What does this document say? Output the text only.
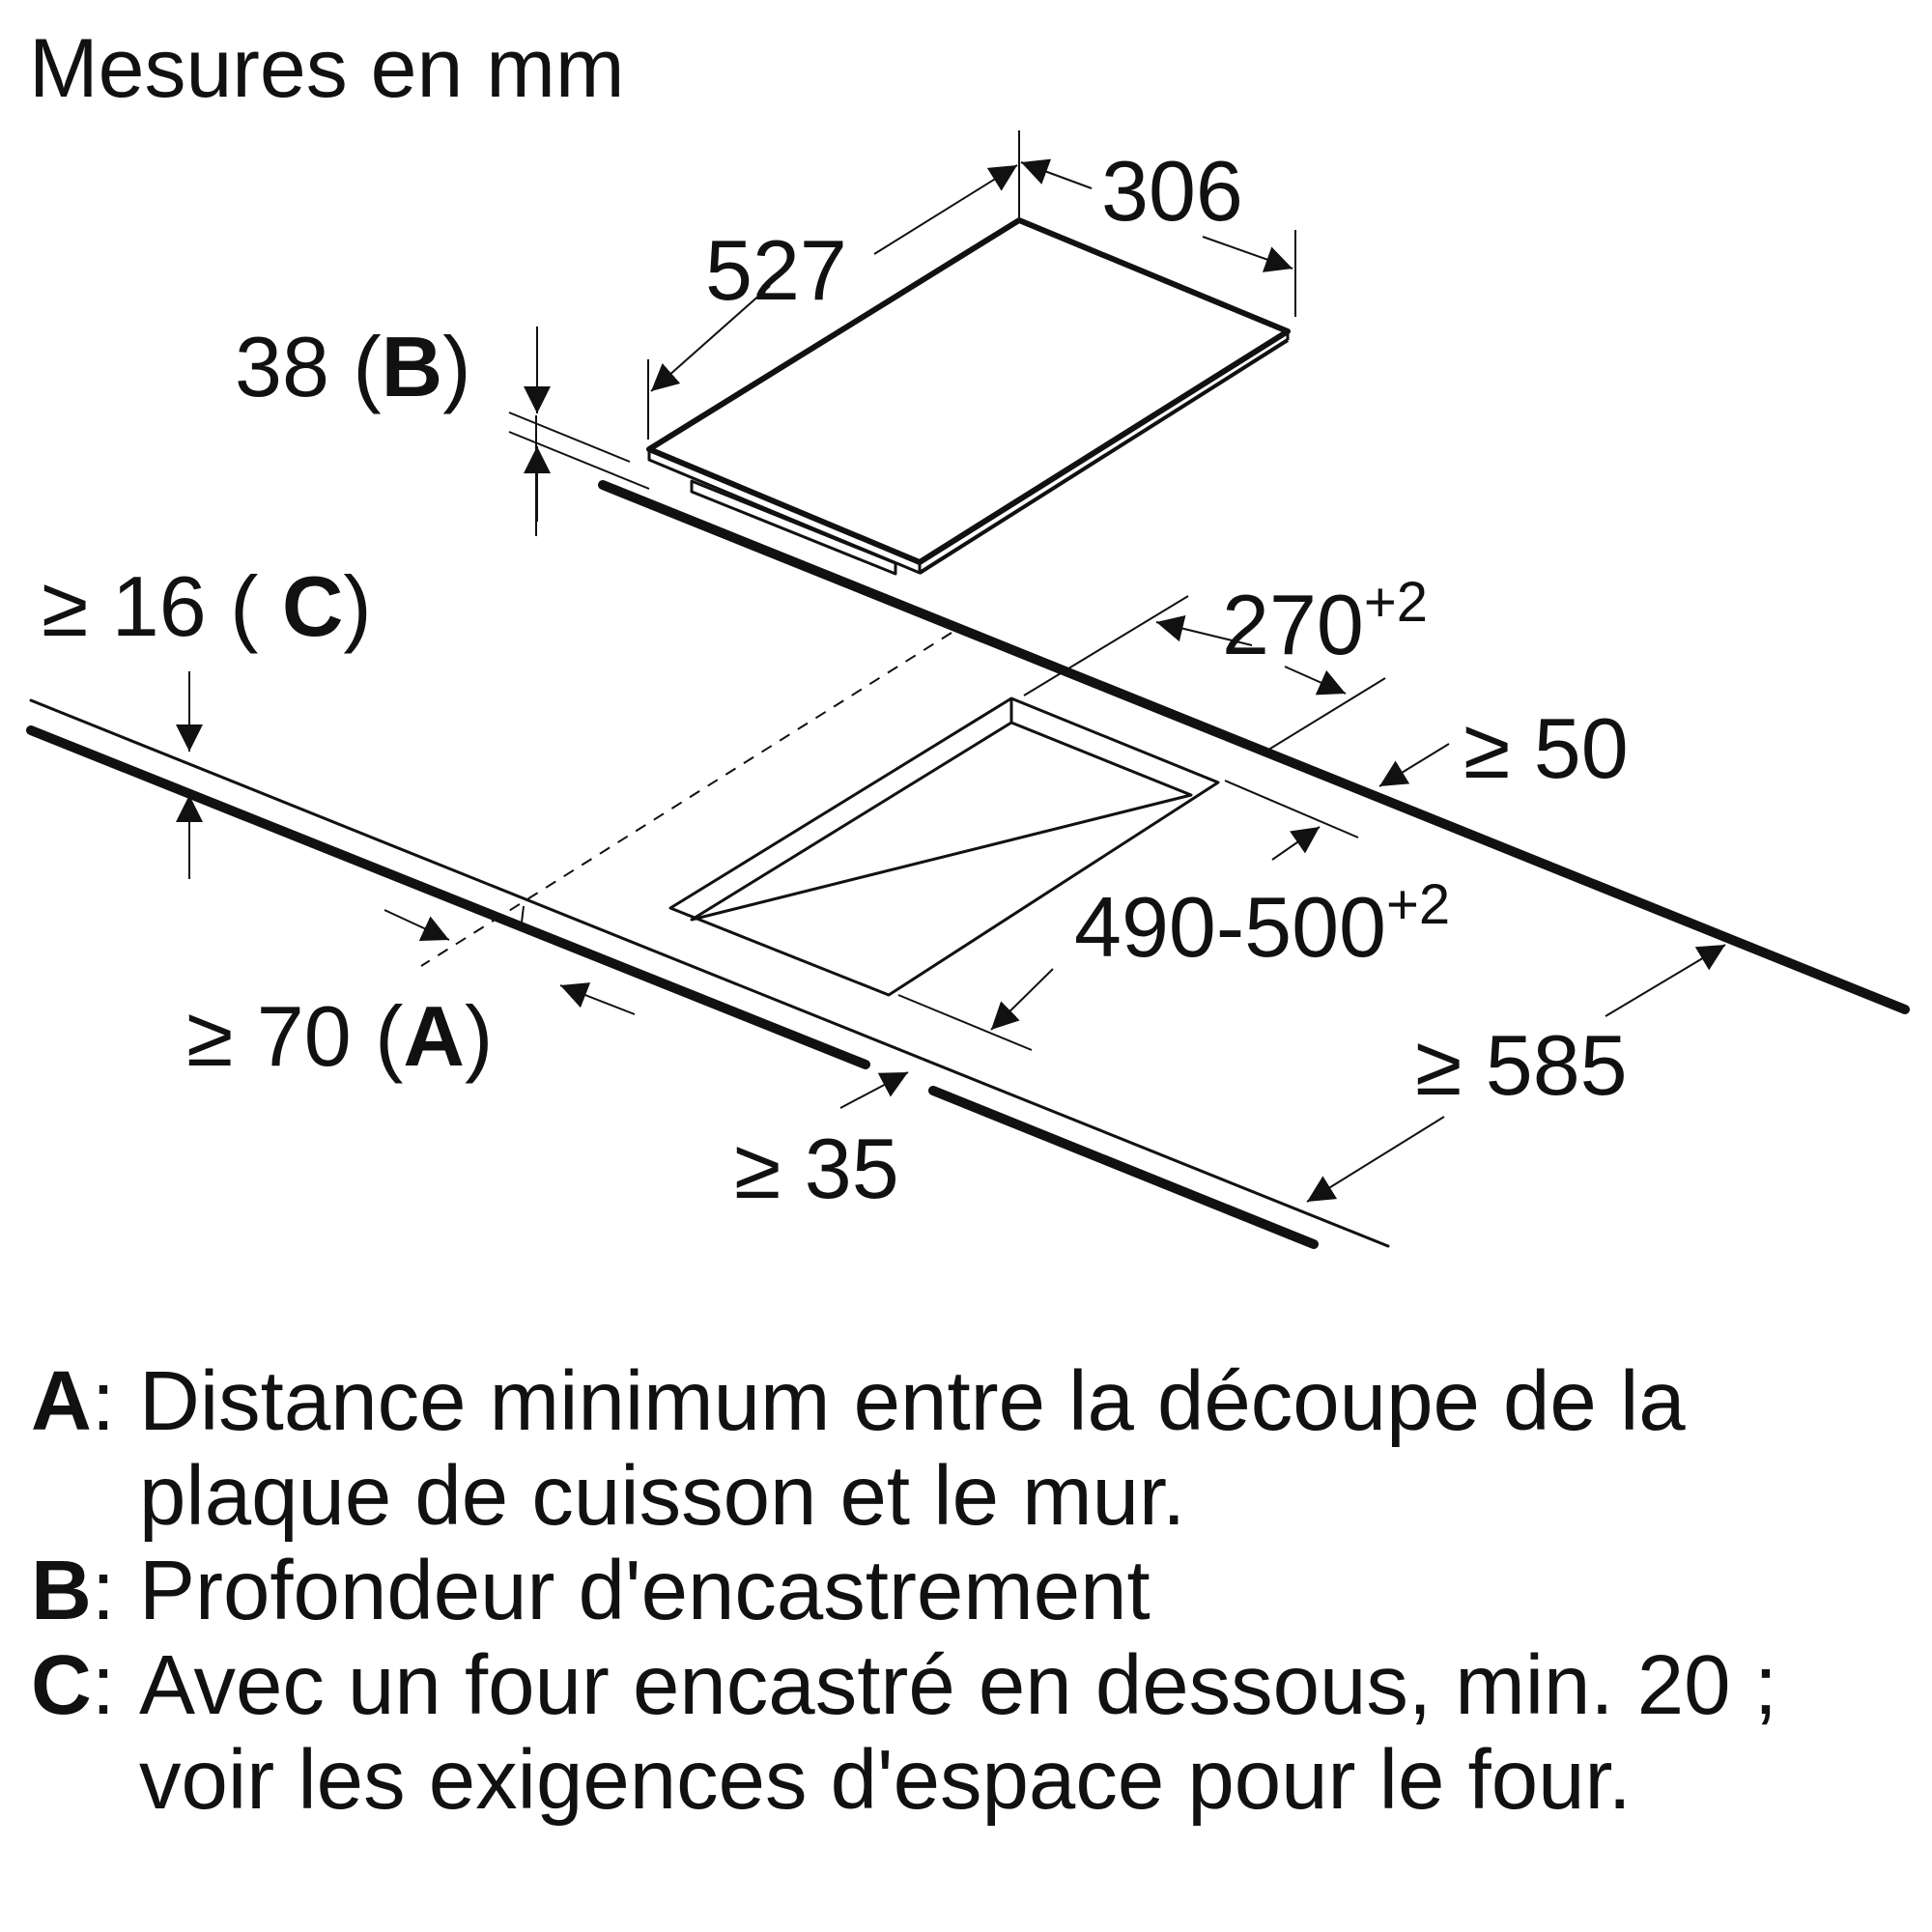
Mesures en mm
306
527
38 (B)
≥ 16 ( C)	$270^{+2}$
≥ 50
$490-500^{+2}$
≥ 70 (A)	≥ 585
≥ 35
A: Distance minimum entre la découpe de la plaque de cuisson et le mur.
B: Profondeur d'encastrement
C: Avec un four encastré en dessous, min. 20 ; voir les exigences d'espace pour le four.
